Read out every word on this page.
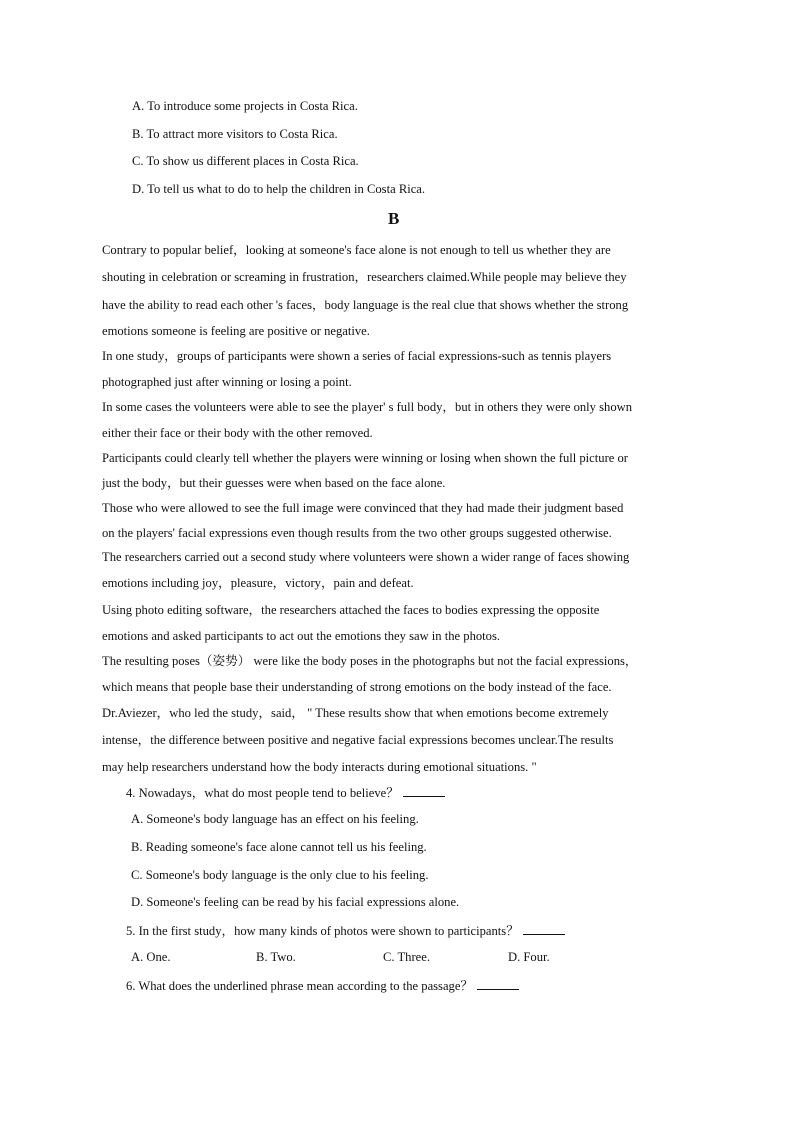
A. To introduce some projects in Costa Rica.
B. To attract more visitors to Costa Rica.
C. To show us different places in Costa Rica.
D. To tell us what to do to help the children in Costa Rica.
B
Contrary to popular belief，looking at someone's face alone is not enough to tell us whether they are
shouting in celebration or screaming in frustration，researchers claimed.While people may believe they
have the ability to read each other 's faces，body language is the real clue that shows whether the strong
emotions someone is feeling are positive or negative.
In one study，groups of participants were shown a series of facial expressions-such as tennis players
photographed just after winning or losing a point.
In some cases the volunteers were able to see the player' s full body，but in others they were only shown
either their face or their body with the other removed.
Participants could clearly tell whether the players were winning or losing when shown the full picture or
just the body，but their guesses were when based on the face alone.
Those who were allowed to see the full image were convinced that they had made their judgment based
on the players' facial expressions even though results from the two other groups suggested otherwise.
The researchers carried out a second study where volunteers were shown a wider range of faces showing
emotions including joy，pleasure，victory，pain and defeat.
Using photo editing software，the researchers attached the faces to bodies expressing the opposite
emotions and asked participants to act out the emotions they saw in the photos.
The resulting poses（姿势） were like the body poses in the photographs but not the facial expressions，
which means that people base their understanding of strong emotions on the body instead of the face.
Dr.Aviezer，who led the study，said， " These results show that when emotions become extremely
intense，the difference between positive and negative facial expressions becomes unclear.The results
may help researchers understand how the body interacts during emotional situations. "
4. Nowadays，what do most people tend to believe？
A. Someone's body language has an effect on his feeling.
B. Reading someone's face alone cannot tell us his feeling.
C. Someone's body language is the only clue to his feeling.
D. Someone's feeling can be read by his facial expressions alone.
5. In the first study，how many kinds of photos were shown to participants？
A. One.	B. Two.	C. Three.	D. Four.
6. What does the underlined phrase mean according to the passage？
